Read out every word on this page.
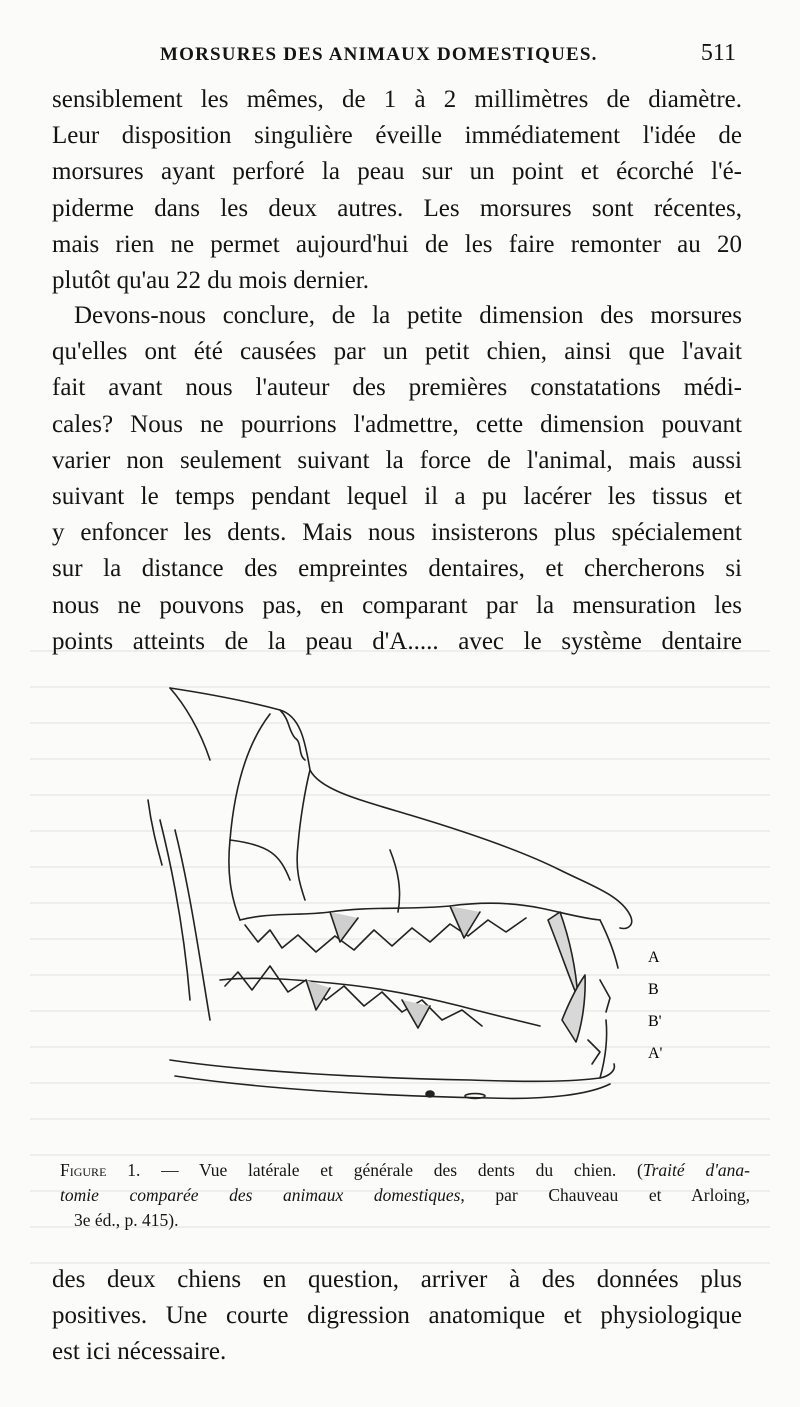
MORSURES DES ANIMAUX DOMESTIQUES.	511
sensiblement les mêmes, de 1 à 2 millimètres de diamètre.
Leur disposition singulière éveille immédiatement l'idée de
morsures ayant perforé la peau sur un point et écorché l'é-
piderme dans les deux autres. Les morsures sont récentes,
mais rien ne permet aujourd'hui de les faire remonter au 20
plutôt qu'au 22 du mois dernier.
Devons-nous conclure, de la petite dimension des morsures
qu'elles ont été causées par un petit chien, ainsi que l'avait
fait avant nous l'auteur des premières constatations médi-
cales? Nous ne pourrions l'admettre, cette dimension pouvant
varier non seulement suivant la force de l'animal, mais aussi
suivant le temps pendant lequel il a pu lacérer les tissus et
y enfoncer les dents. Mais nous insisterons plus spécialement
sur la distance des empreintes dentaires, et chercherons si
nous ne pouvons pas, en comparant par la mensuration les
points atteints de la peau d'A..... avec le système dentaire
A
B
B'
A'
Figure 1. — Vue latérale et générale des dents du chien. (Traité d'ana-
tomie comparée des animaux domestiques, par Chauveau et Arloing,
3e éd., p. 415).
des deux chiens en question, arriver à des données plus
positives. Une courte digression anatomique et physiologique
est ici nécessaire.
